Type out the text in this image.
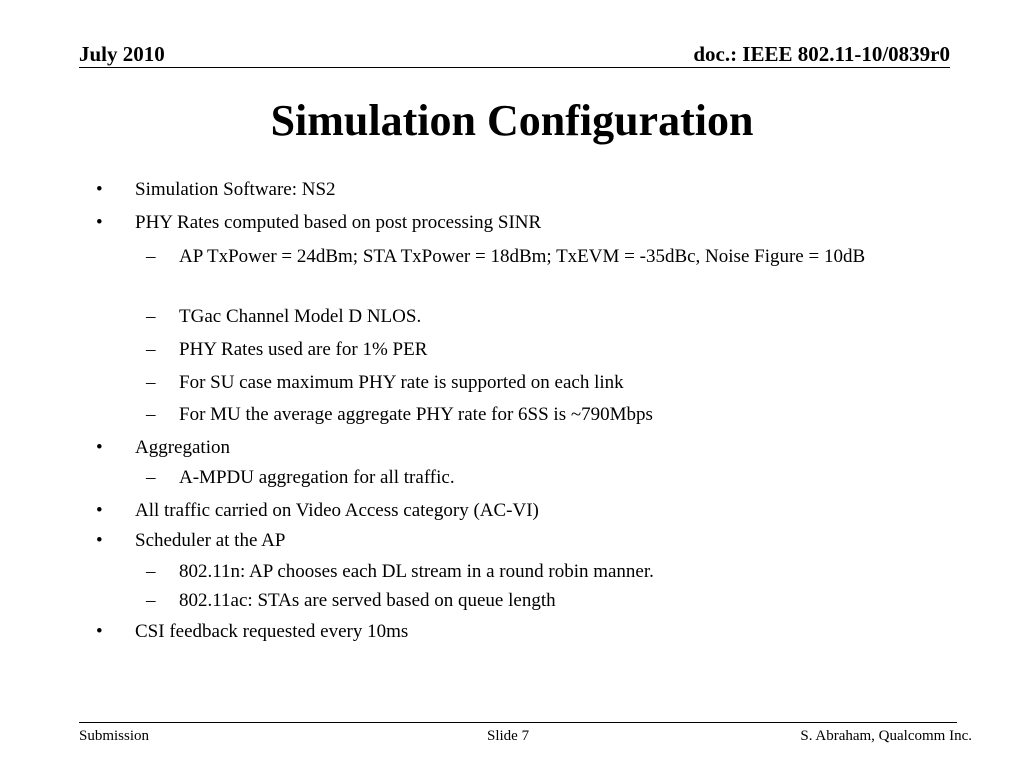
July 2010	doc.: IEEE 802.11-10/0839r0
Simulation Configuration
• Simulation Software: NS2
• PHY Rates computed based on post processing SINR
– AP TxPower = 24dBm; STA TxPower = 18dBm; TxEVM = -35dBc, Noise Figure = 10dB
– TGac Channel Model D NLOS.
– PHY Rates used are for 1% PER
– For SU case maximum PHY rate is supported on each link
– For MU the average aggregate PHY rate for 6SS is ~790Mbps
• Aggregation
– A-MPDU aggregation for all traffic.
• All traffic carried on Video Access category (AC-VI)
• Scheduler at the AP
– 802.11n: AP chooses each DL stream in a round robin manner.
– 802.11ac: STAs are served based on queue length
• CSI feedback requested every 10ms
Submission	Slide 7	S. Abraham, Qualcomm Inc.
